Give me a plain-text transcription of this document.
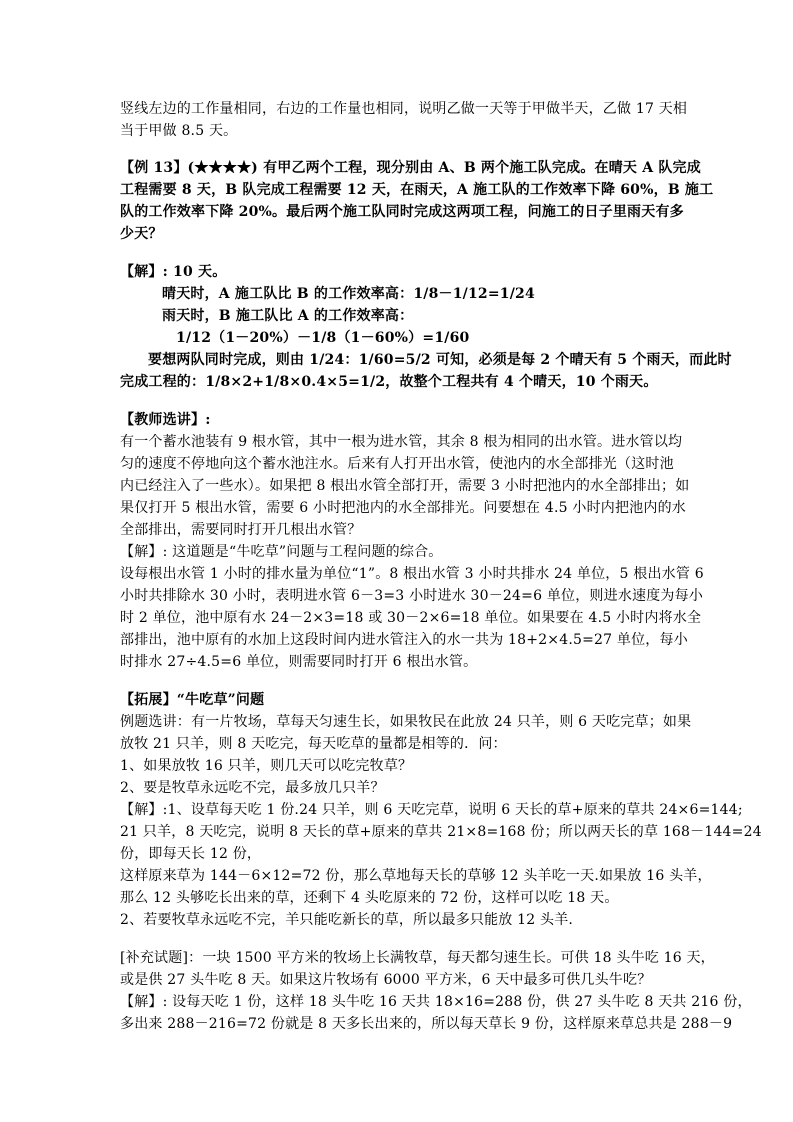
竖线左边的工作量相同，右边的工作量也相同，说明乙做一天等于甲做半天，乙做 17 天相
当于甲做 8.5 天。
【例 13】(★★★★) 有甲乙两个工程，现分别由 A、B 两个施工队完成。在晴天 A 队完成
工程需要 8 天，B 队完成工程需要 12 天，在雨天，A 施工队的工作效率下降 60%，B 施工
队的工作效率下降 20%。最后两个施工队同时完成这两项工程，问施工的日子里雨天有多
少天？
【解】: 10 天。
晴天时，A 施工队比 B 的工作效率高：1/8－1/12=1/24
雨天时，B 施工队比 A 的工作效率高：
1/12（1－20%）－1/8（1－60%）=1/60
要想两队同时完成，则由 1/24：1/60=5/2 可知，必须是每 2 个晴天有 5 个雨天，而此时
完成工程的：1/8×2+1/8×0.4×5=1/2，故整个工程共有 4 个晴天，10 个雨天。
【教师选讲】:
有一个蓄水池装有 9 根水管，其中一根为进水管，其余 8 根为相同的出水管。进水管以均
匀的速度不停地向这个蓄水池注水。后来有人打开出水管，使池内的水全部排光（这时池
内已经注入了一些水）。如果把 8 根出水管全部打开，需要 3 小时把池内的水全部排出；如
果仅打开 5 根出水管，需要 6 小时把池内的水全部排光。问要想在 4.5 小时内把池内的水
全部排出，需要同时打开几根出水管？
【解】: 这道题是“牛吃草”问题与工程问题的综合。
设每根出水管 1 小时的排水量为单位“1”。8 根出水管 3 小时共排水 24 单位，5 根出水管 6
小时共排除水 30 小时，表明进水管 6－3=3 小时进水 30－24=6 单位，则进水速度为每小
时 2 单位，池中原有水 24－2×3=18 或 30－2×6=18 单位。如果要在 4.5 小时内将水全
部排出，池中原有的水加上这段时间内进水管注入的水一共为 18+2×4.5=27 单位，每小
时排水 27÷4.5=6 单位，则需要同时打开 6 根出水管。
【拓展】“牛吃草”问题
例题选讲：有一片牧场，草每天匀速生长，如果牧民在此放 24 只羊，则 6 天吃完草；如果
放牧 21 只羊，则 8 天吃完，每天吃草的量都是相等的．问：
1、如果放牧 16 只羊，则几天可以吃完牧草？
2、要是牧草永远吃不完，最多放几只羊？
【解】:1、设草每天吃 1 份.24 只羊，则 6 天吃完草，说明 6 天长的草+原来的草共 24×6=144;
21 只羊，8 天吃完，说明 8 天长的草+原来的草共 21×8=168 份；所以两天长的草 168－144=24
份，即每天长 12 份，
这样原来草为 144－6×12=72 份，那么草地每天长的草够 12 头羊吃一天.如果放 16 头羊，
那么 12 头够吃长出来的草，还剩下 4 头吃原来的 72 份，这样可以吃 18 天。
2、若要牧草永远吃不完，羊只能吃新长的草，所以最多只能放 12 头羊.
[补充试题]：一块 1500 平方米的牧场上长满牧草，每天都匀速生长。可供 18 头牛吃 16 天，
或是供 27 头牛吃 8 天。如果这片牧场有 6000 平方米，6 天中最多可供几头牛吃？
【解】: 设每天吃 1 份，这样 18 头牛吃 16 天共 18×16=288 份，供 27 头牛吃 8 天共 216 份，
多出来 288－216=72 份就是 8 天多长出来的，所以每天草长 9 份，这样原来草总共是 288－9
